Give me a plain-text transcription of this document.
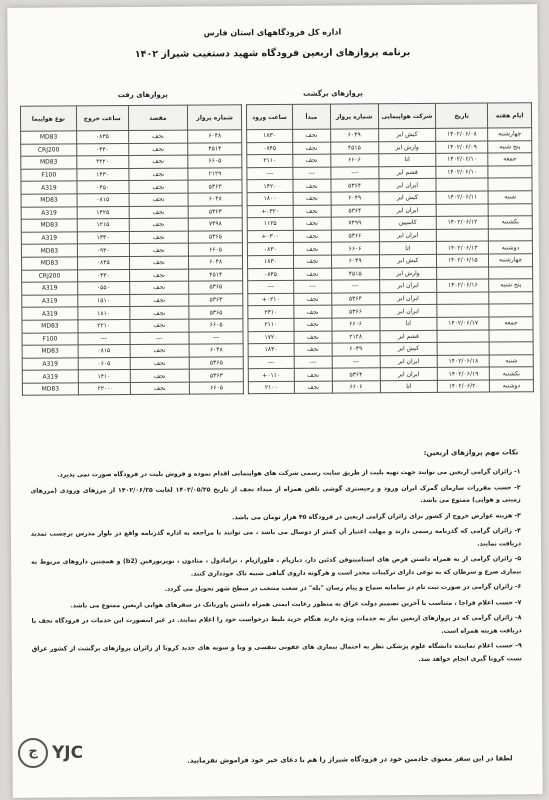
اداره کل فرودگاههای استان فارس
برنامه پروازهای اربعین فرودگاه شهید دستغیب شیراز ۱۴۰۲
پروازهای برگشت
پروازهای رفت
ایام هفته	تاریخ	شرکت هواپیمایی	شماره پرواز	مبدأ	ساعت ورود
چهارشنبه	۱۴۰۲/۰۶/۰۸	کیش ایر	۶۰۴۹	نجف	۱۸۳۰
پنج شنبه	۱۴۰۲/۰۶/۰۹	وارش ایر	۴۵۱۵	نجف	۰۸۴۵
جمعه	۱۴۰۲/۰۶/۱۰	اتا	۶۶۰۶	نجف	۲۱۱۰
	۱۴۰۲/۰۶/۱۰	قشم ایر	---	---	---
		ایران ایر	۵۳۶۴	نجف	۱۴۲۰
شنبه	۱۴۰۲/۰۶/۱۱	کیش ایر	۶۰۴۹	نجف	۱۸۰۰
		ایران ایر	۵۳۶۴	نجف	۰۳۲۰+
یکشنبه	۱۴۰۲/۰۶/۱۲	کاسپین	۷۴۹۹	نجف	۱۱۲۵
		ایران ایر	۵۳۶۶	نجف	۰۳۰۰+
دوشنبه	۱۴۰۲/۰۶/۱۳	اتا	۶۶۰۶	نجف	۰۸۳۰
چهارشنبه	۱۴۰۲/۰۶/۱۵	کیش ایر	۶۰۴۹	نجف	۱۸۳۰
		وارش ایر	۴۵۱۵	نجف	۰۸۴۵
پنج شنبه	۱۴۰۲/۰۶/۱۶	ایران ایر	---	---	---
		ایران ایر	۵۳۶۴	نجف	۰۲۱۰+
		ایران ایر	۵۳۶۶	نجف	۲۳۱۰
جمعه	۱۴۰۲/۰۶/۱۷	اتا	۶۶۰۶	نجف	۲۱۱۰
		قشم ایر	۲۱۲۸	نجف	۱۷۲۰
		کیش ایر	۶۰۴۹	نجف	۱۸۳۰
شنبه	۱۴۰۲/۰۶/۱۸	ایران ایر	---	---	---
یکشنبه	۱۴۰۲/۰۶/۱۹	ایران ایر	۵۳۶۴	نجف	۰۱۱۰+
دوشنبه	۱۴۰۲/۰۶/۲۰	اتا	۶۶۰۶	نجف	۲۱۰۰
شماره پرواز	مقصد	ساعت خروج	نوع هواپیما
۶۰۴۸	نجف	۰۸۳۵	MD83
۴۵۱۴	نجف	۰۴۳۰	CRJ200
۶۶۰۵	نجف	۲۲۲۰	MD83
۲۱۲۹	نجف	۱۴۳۰	F100
۵۳۶۳	نجف	۰۴۵۰	A319
۶۰۴۸	نجف	۰۸۱۵	MD83
۵۳۶۳	نجف	۱۴۲۵	A319
۷۴۹۸	نجف	۱۲۱۵	MD83
۵۳۶۵	نجف	۱۳۳۰	A319
۶۶۰۵	نجف	۰۹۳۰	MD83
۶۰۴۸	نجف	۰۸۴۵	MD83
۴۵۱۴	نجف	۰۴۳۰	CRJ200
۵۳۶۵	نجف	۰۵۵۰	A319
۵۳۶۳	نجف	۱۵۱۰	A319
۵۳۶۵	نجف	۱۸۱۰	A319
۶۶۰۵	نجف	۲۲۱۰	MD83
---	---	---	F100
۶۰۴۸	نجف	۰۸۱۵	MD83
۵۳۶۵	نجف	۰۶۰۵	A319
۵۳۶۳	نجف	۱۴۱۰	A319
۶۶۰۵	نجف	۲۲۰۰	MD83
نکات مهم پروازهای اربعین:
۱- زائران گرامی اربعین می توانند جهت تهیه بلیت از طریق سایت رسمی شرکت های هواپیمایی اقدام نموده و فروش بلیت در فرودگاه صورت نمی پذیرد.
۲- حسب مقررات سازمان گمرک ایران ورود و رجیستری گوشی تلفن همراه از مبداء نجف از تاریخ ۱۴۰۲/۰۵/۲۵ لغایت ۱۴۰۲/۰۶/۲۵ از مرزهای ورودی (مرزهای زمینی و هوایی) ممنوع می باشد.
۳- هزینه عوارض خروج از کشور برای زائران گرامی اربعین در فرودگاه ۴۵ هزار تومان می باشد.
۴- زائران گرامی که گذرنامه رسمی دارند و مهلت اعتبار آن کمتر از دوسال می باشد ، می توانند با مراجعه به اداره گذرنامه واقع در بلوار مدرس برچسب تمدید دریافت نمایند.
۵- زائران گرامی از به همراه داشتن قرص های استامینوفن کدئین دار، دیازپام ، فلورازپام ، ترامادول ، متادون ، نوپرنورفین (b2) و همچنین داروهای مربوط به بیماری صرع و سرطان که به نوعی دارای ترکیبات مخدر است و هرگونه داروی گیاهی شبیه ناک خودداری کنند.
۶- زائران گرامی در صورت ثبت نام در سامانه سماح و پیام رسان "بله" در شعب منتخب در سطح شهر تحویل می گردد.
۷- حسب اعلام فراجا ، متناسب با آخرین تصمیم دولت عراق به منظور رعایت ایمنی همراه داشتن پاوربانک در سفرهای هوایی اربعین ممنوع می باشد.
۸- زائران گرامی که در پروازهای اربعین نیاز به خدمات ویژه دارند هنگام خرید بلیط درخواست خود را اعلام نمایند. در غیر اینصورت این خدمات در فرودگاه نجف با دریافت هزینه همراه است.
۹- حسب اعلام نماینده دانشگاه علوم پزشکی نظر به احتمال بیماری های عفونی تنفسی و وبا و سویه های جدید کرونا از زائران پروازهای برگشت از کشور عراق تست کرونا گیری انجام خواهد شد.
لطفا در این سفر معنوی خادمین خود در فرودگاه شیراز را هم با دعای خیر خود فراموش نفرمایید.
ج YJC
